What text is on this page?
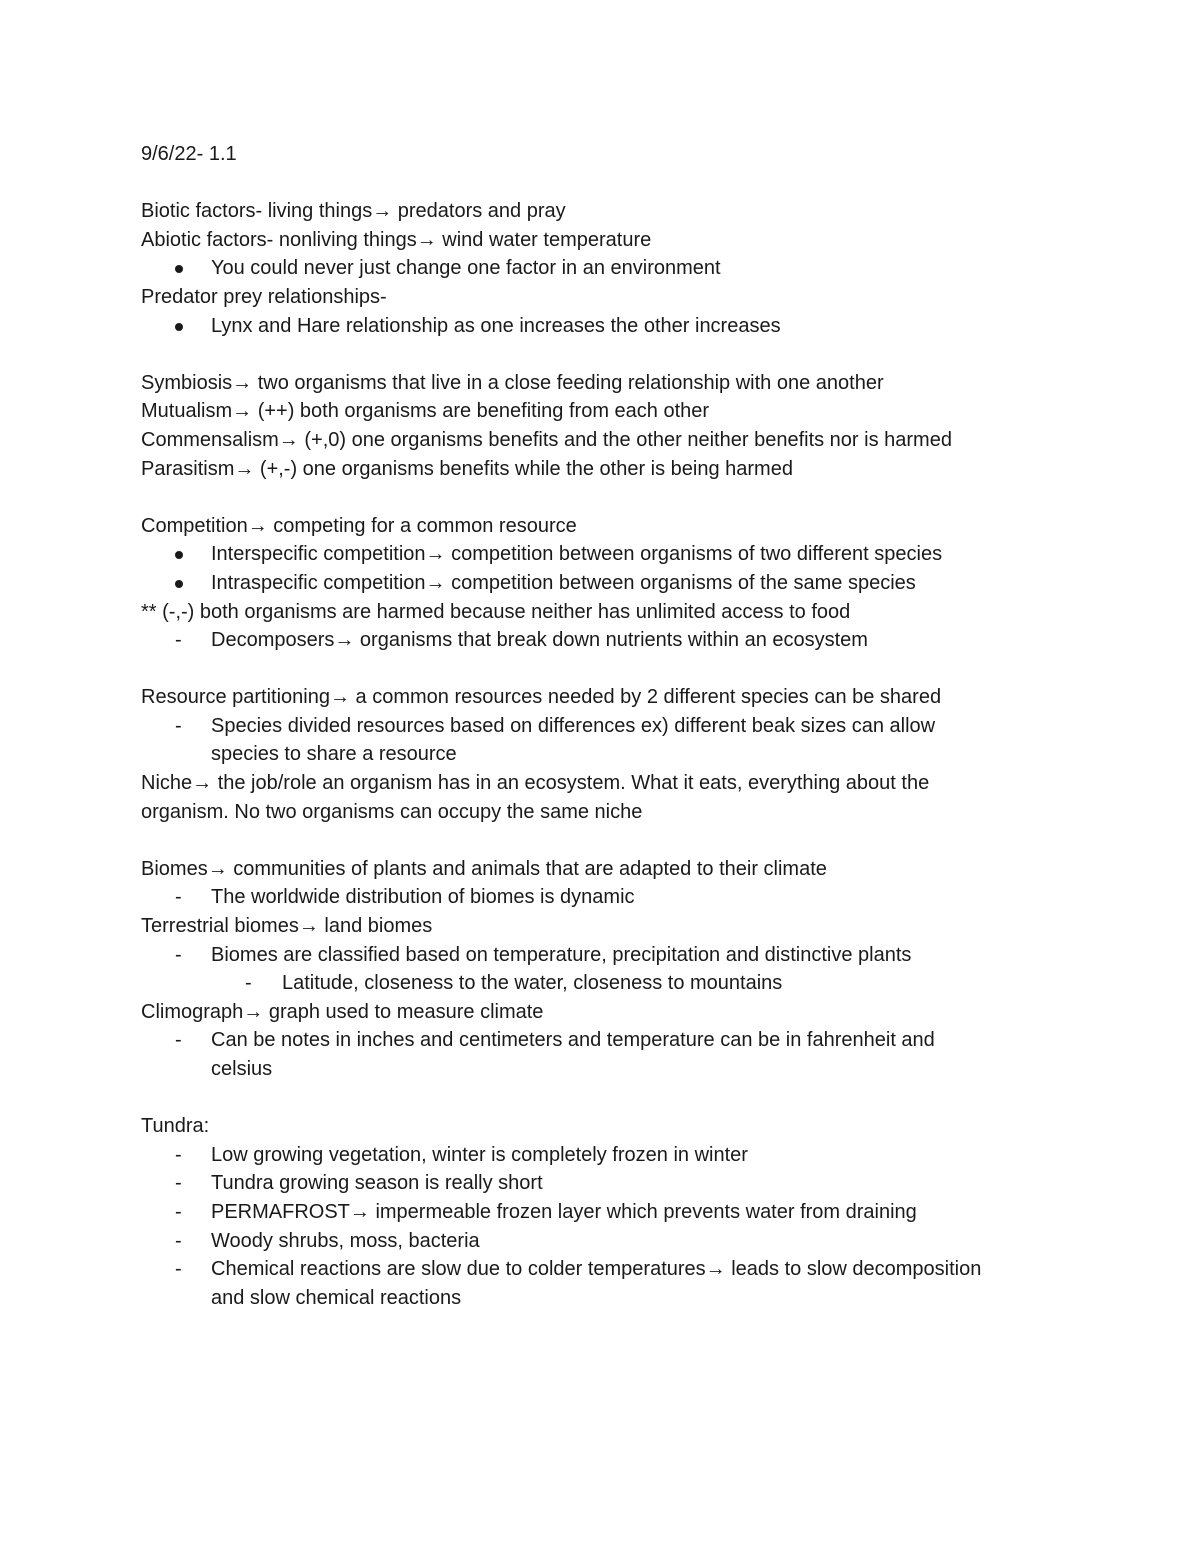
9/6/22- 1.1
Biotic factors- living things→ predators and pray
Abiotic factors- nonliving things→ wind water temperature
You could never just change one factor in an environment
Predator prey relationships-
Lynx and Hare relationship as one increases the other increases
Symbiosis→ two organisms that live in a close feeding relationship with one another
Mutualism→ (++) both organisms are benefiting from each other
Commensalism→ (+,0) one organisms benefits and the other neither benefits nor is harmed
Parasitism→ (+,-) one organisms benefits while the other is being harmed
Competition→ competing for a common resource
Interspecific competition→ competition between organisms of two different species
Intraspecific competition→ competition between organisms of the same species
** (-,-) both organisms are harmed because neither has unlimited access to food
-	Decomposers→ organisms that break down nutrients within an ecosystem
Resource partitioning→ a common resources needed by 2 different species can be shared
-	Species divided resources based on differences ex) different beak sizes can allow
species to share a resource
Niche→ the job/role an organism has in an ecosystem. What it eats, everything about the
organism. No two organisms can occupy the same niche
Biomes→ communities of plants and animals that are adapted to their climate
-	The worldwide distribution of biomes is dynamic
Terrestrial biomes→ land biomes
-	Biomes are classified based on temperature, precipitation and distinctive plants
-	Latitude, closeness to the water, closeness to mountains
Climograph→ graph used to measure climate
-	Can be notes in inches and centimeters and temperature can be in fahrenheit and
celsius
Tundra:
-	Low growing vegetation, winter is completely frozen in winter
-	Tundra growing season is really short
-	PERMAFROST→ impermeable frozen layer which prevents water from draining
-	Woody shrubs, moss, bacteria
-	Chemical reactions are slow due to colder temperatures→ leads to slow decomposition
and slow chemical reactions
